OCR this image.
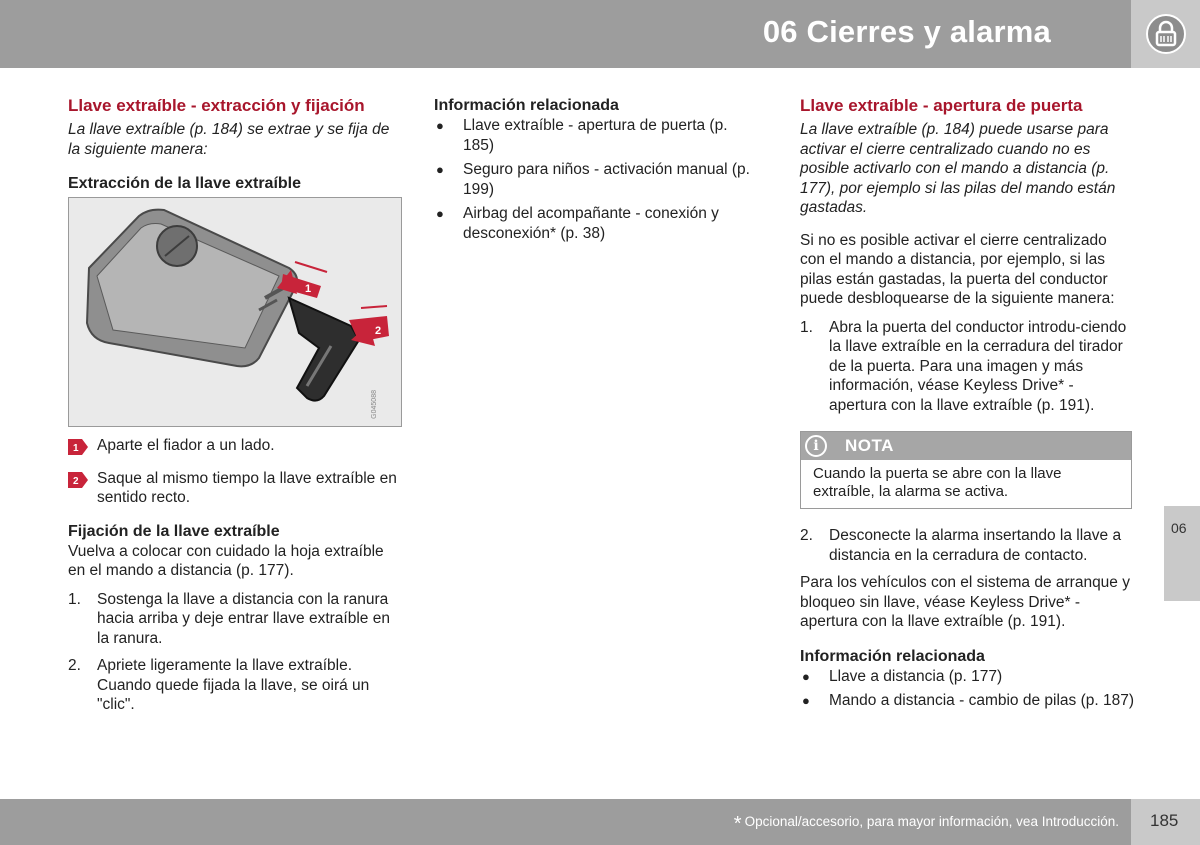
06 Cierres y alarma
Llave extraíble - extracción y fijación

La llave extraíble (p. 184) se extrae y se fija de la siguiente manera:

Extracción de la llave extraíble
1
2
G045088
1 Aparte el fiador a un lado.
2 Saque al mismo tiempo la llave extraíble en sentido recto.
Fijación de la llave extraíble

Vuelva a colocar con cuidado la hoja extraíble en el mando a distancia (p. 177).

1.	Sostenga la llave a distancia con la ranura hacia arriba y deje entrar llave extraíble en la ranura.
2.	Apriete ligeramente la llave extraíble. Cuando quede fijada la llave, se oirá un "clic".
Información relacionada
●	Llave extraíble - apertura de puerta (p. 185)
●	Seguro para niños - activación manual (p. 199)
●	Airbag del acompañante - conexión y desconexión* (p. 38)
Llave extraíble - apertura de puerta

La llave extraíble (p. 184) puede usarse para activar el cierre centralizado cuando no es posible activarlo con el mando a distancia (p. 177), por ejemplo si las pilas del mando están gastadas.

Si no es posible activar el cierre centralizado con el mando a distancia, por ejemplo, si las pilas están gastadas, la puerta del conductor puede desbloquearse de la siguiente manera:

1.	Abra la puerta del conductor introdu-ciendo la llave extraíble en la cerradura del tirador de la puerta. Para una imagen y más información, véase Keyless Drive* - apertura con la llave extraíble (p. 191).
i	NOTA
Cuando la puerta se abre con la llave extraíble, la alarma se activa.
2.	Desconecte la alarma insertando la llave a distancia en la cerradura de contacto.

Para los vehículos con el sistema de arranque y bloqueo sin llave, véase Keyless Drive* - apertura con la llave extraíble (p. 191).

Información relacionada
●	Llave a distancia (p. 177)
●	Mando a distancia - cambio de pilas (p. 187)
06
* Opcional/accesorio, para mayor información, vea Introducción. 185
